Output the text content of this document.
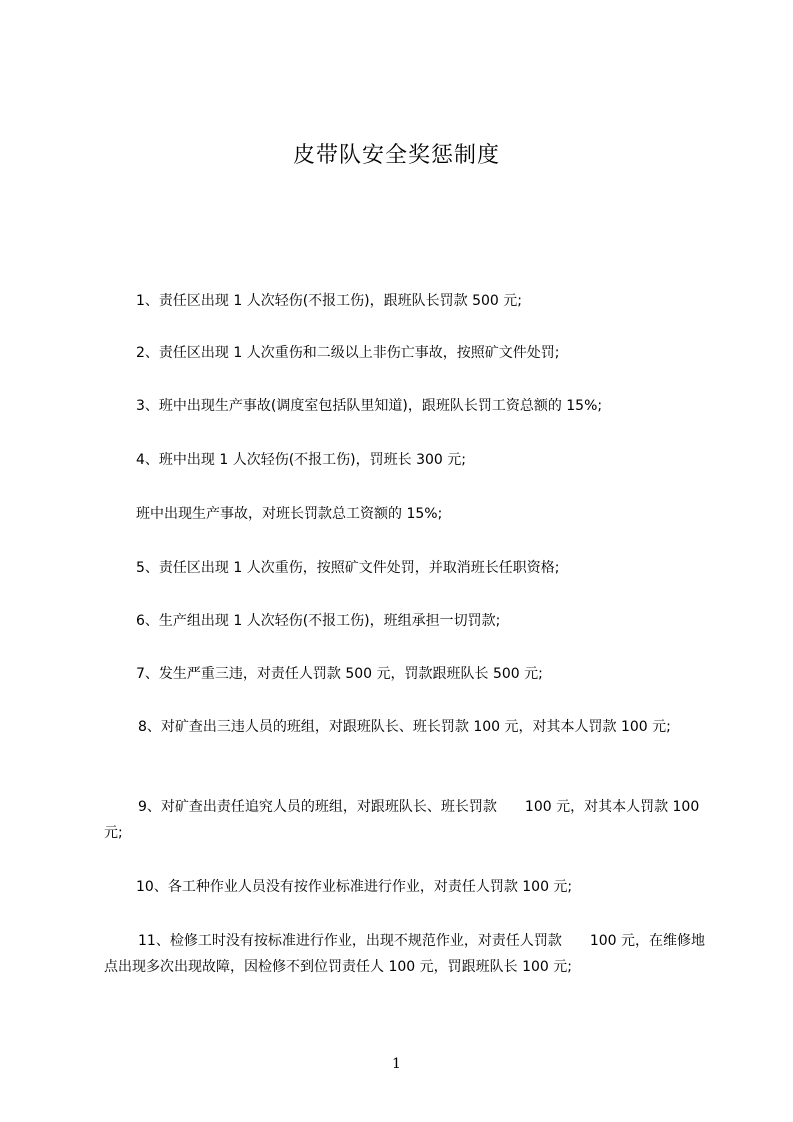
皮带队安全奖惩制度
1、责任区出现 1 人次轻伤(不报工伤)，跟班队长罚款 500 元;
2、责任区出现 1 人次重伤和二级以上非伤亡事故，按照矿文件处罚;
3、班中出现生产事故(调度室包括队里知道)，跟班队长罚工资总额的 15%;
4、班中出现 1 人次轻伤(不报工伤)，罚班长 300 元;
班中出现生产事故，对班长罚款总工资额的 15%;
5、责任区出现 1 人次重伤，按照矿文件处罚，并取消班长任职资格;
6、生产组出现 1 人次轻伤(不报工伤)，班组承担一切罚款;
7、发生严重三违，对责任人罚款 500 元，罚款跟班队长 500 元;
8、对矿查出三违人员的班组，对跟班队长、班长罚款 100 元，对其本人罚款 100 元;
9、对矿查出责任追究人员的班组，对跟班队长、班长罚款　　100 元，对其本人罚款 100 元;
10、各工种作业人员没有按作业标准进行作业，对责任人罚款 100 元;
11、检修工时没有按标准进行作业，出现不规范作业，对责任人罚款　　100 元，在维修地点出现多次出现故障，因检修不到位罚责任人 100 元，罚跟班队长 100 元;
1
